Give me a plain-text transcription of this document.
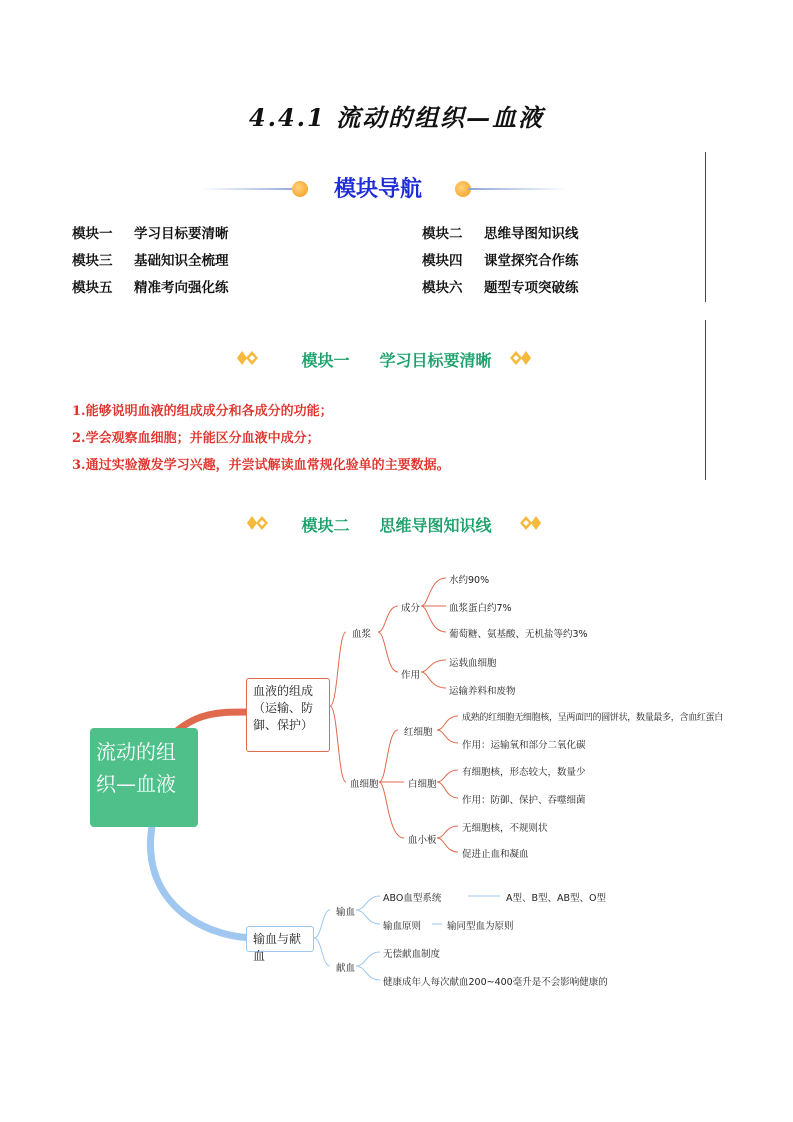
4.4.1 流动的组织—血液
模块导航
模块一 学习目标要清晰	模块二 思维导图知识线
模块三 基础知识全梳理	模块四 课堂探究合作练
模块五 精准考向强化练	模块六 题型专项突破练
模块一 学习目标要清晰
1.能够说明血液的组成成分和各成分的功能；
2.学会观察血细胞；并能区分血液中成分；
3.通过实验激发学习兴趣，并尝试解读血常规化验单的主要数据。
模块二 思维导图知识线
流动的组织—血液
血液的组成（运输、防御、保护）
输血与献血
血浆
成分
水约90%
血浆蛋白约7%
葡萄糖、氨基酸、无机盐等约3%
作用
运载血细胞
运输养料和废物
血细胞
红细胞
成熟的红细胞无细胞核，呈两面凹的圆饼状，数量最多，含血红蛋白
作用：运输氧和部分二氧化碳
白细胞
有细胞核，形态较大，数量少
作用：防御、保护、吞噬细菌
血小板
无细胞核，不规则状
促进止血和凝血
输血
ABO血型系统	A型、B型、AB型、O型
输血原则	输同型血为原则
献血
无偿献血制度
健康成年人每次献血200~400毫升是不会影响健康的
